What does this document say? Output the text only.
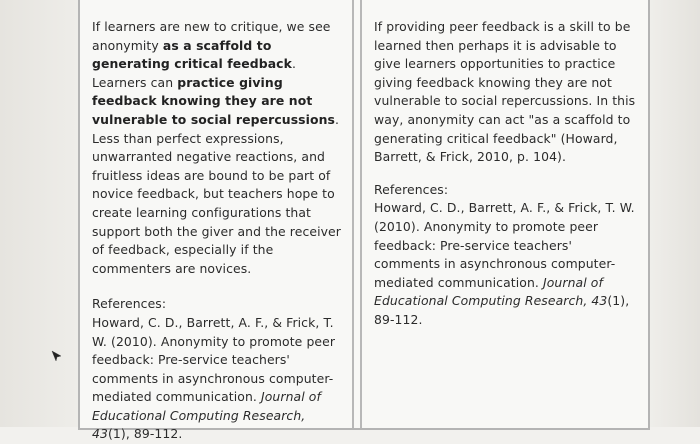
If learners are new to critique, we see anonymity as a scaffold to generating critical feedback. Learners can practice giving feedback knowing they are not vulnerable to social repercussions. Less than perfect expressions, unwarranted negative reactions, and fruitless ideas are bound to be part of novice feedback, but teachers hope to create learning configurations that support both the giver and the receiver of feedback, especially if the commenters are novices.

References:

Howard, C. D., Barrett, A. F., & Frick, T. W. (2010). Anonymity to promote peer feedback: Pre-service teachers' comments in asynchronous computer-mediated communication. Journal of Educational Computing Research, 43(1), 89-112.

If providing peer feedback is a skill to be learned then perhaps it is advisable to give learners opportunities to practice giving feedback knowing they are not vulnerable to social repercussions. In this way, anonymity can act "as a scaffold to generating critical feedback" (Howard, Barrett, & Frick, 2010, p. 104).

References:

Howard, C. D., Barrett, A. F., & Frick, T. W. (2010). Anonymity to promote peer feedback: Pre-service teachers' comments in asynchronous computer-mediated communication. Journal of Educational Computing Research, 43(1), 89-112.
